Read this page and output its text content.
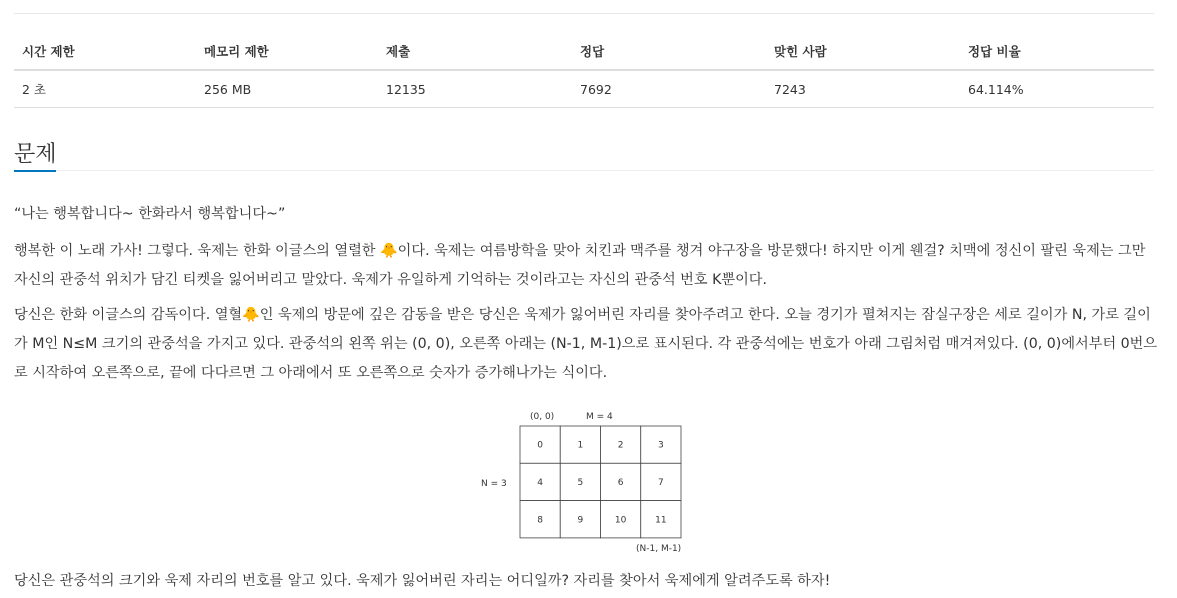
시간 제한	메모리 제한	제출	정답	맞힌 사람	정답 비율
2 초	256 MB	12135	7692	7243	64.114%
문제

“나는 행복합니다~ 한화라서 행복합니다~”

행복한 이 노래 가사! 그렇다. 욱제는 한화 이글스의 열렬한 🐥이다. 욱제는 여름방학을 맞아 치킨과 맥주를 챙겨 야구장을 방문했다! 하지만 이게 웬걸? 치맥에 정신이 팔린 욱제는 그만 자신의 관중석 위치가 담긴 티켓을 잃어버리고 말았다. 욱제가 유일하게 기억하는 것이라고는 자신의 관중석 번호 K뿐이다.

당신은 한화 이글스의 감독이다. 열혈🐥인 욱제의 방문에 깊은 감동을 받은 당신은 욱제가 잃어버린 자리를 찾아주려고 한다. 오늘 경기가 펼쳐지는 잠실구장은 세로 길이가 N, 가로 길이가 M인 N≤M 크기의 관중석을 가지고 있다. 관중석의 왼쪽 위는 (0, 0), 오른쪽 아래는 (N-1, M-1)으로 표시된다. 각 관중석에는 번호가 아래 그림처럼 매겨져있다. (0, 0)에서부터 0번으로 시작하여 오른쪽으로, 끝에 다다르면 그 아래에서 또 오른쪽으로 숫자가 증가해나가는 식이다.

(0, 0)	M = 4
N = 3
(N-1, M-1)
0	1	2	3
4	5	6	7
8	9	10	11
당신은 관중석의 크기와 욱제 자리의 번호를 알고 있다. 욱제가 잃어버린 자리는 어디일까? 자리를 찾아서 욱제에게 알려주도록 하자!
